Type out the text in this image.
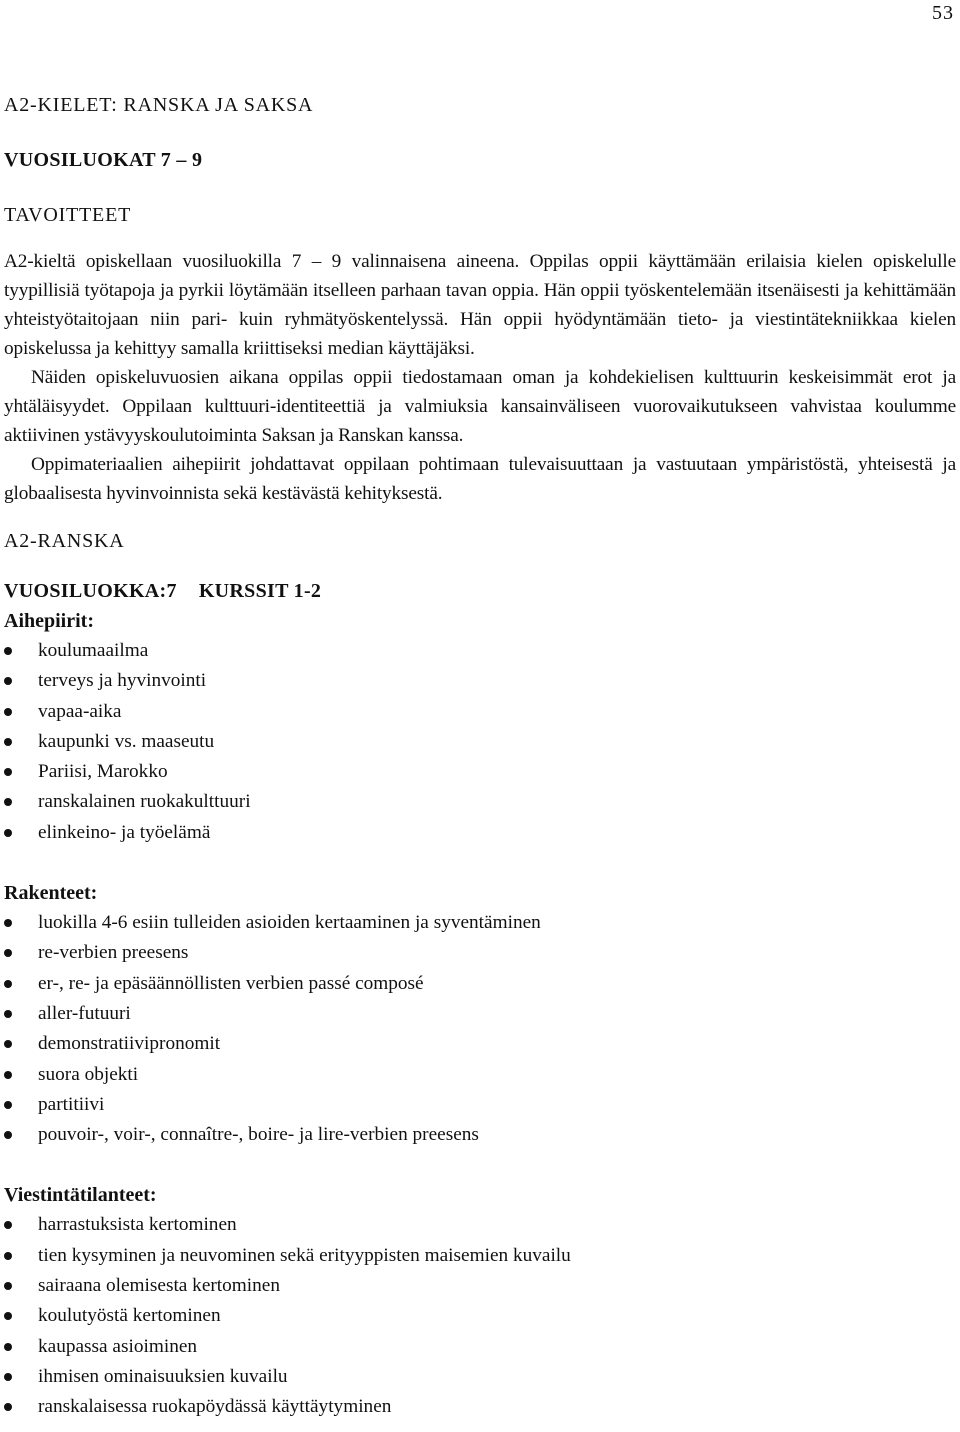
53
A2-KIELET: RANSKA JA SAKSA
VUOSILUOKAT 7 – 9
TAVOITTEET

A2-kieltä opiskellaan vuosiluokilla 7 – 9 valinnaisena aineena. Oppilas oppii käyttämään erilaisia kielen opiskelulle tyypillisiä työtapoja ja pyrkii löytämään itselleen parhaan tavan oppia. Hän oppii työskentelemään itsenäisesti ja kehittämään yhteistyötaitojaan niin pari- kuin ryhmätyöskentelyssä. Hän oppii hyödyntämään tieto- ja viestintätekniikkaa kielen opiskelussa ja kehittyy samalla kriittiseksi median käyttäjäksi.

Näiden opiskeluvuosien aikana oppilas oppii tiedostamaan oman ja kohdekielisen kulttuurin keskeisimmät erot ja yhtäläisyydet. Oppilaan kulttuuri-identiteettiä ja valmiuksia kansainväliseen vuorovaikutukseen vahvistaa koulumme aktiivinen ystävyyskoulutoiminta Saksan ja Ranskan kanssa.

Oppimateriaalien aihepiirit johdattavat oppilaan pohtimaan tulevaisuuttaan ja vastuutaan ympäristöstä, yhteisestä ja globaalisesta hyvinvoinnista sekä kestävästä kehityksestä.

A2-RANSKA
VUOSILUOKKA:7 KURSSIT 1-2
Aihepiirit:
koulumaailma
terveys ja hyvinvointi
vapaa-aika
kaupunki vs. maaseutu
Pariisi, Marokko
ranskalainen ruokakulttuuri
elinkeino- ja työelämä
Rakenteet:
luokilla 4-6 esiin tulleiden asioiden kertaaminen ja syventäminen
re-verbien preesens
er-, re- ja epäsäännöllisten verbien passé composé
aller-futuuri
demonstratiivipronomit
suora objekti
partitiivi
pouvoir-, voir-, connaître-, boire- ja lire-verbien preesens
Viestintätilanteet:
harrastuksista kertominen
tien kysyminen ja neuvominen sekä erityyppisten maisemien kuvailu
sairaana olemisesta kertominen
koulutyöstä kertominen
kaupassa asioiminen
ihmisen ominaisuuksien kuvailu
ranskalaisessa ruokapöydässä käyttäytyminen
